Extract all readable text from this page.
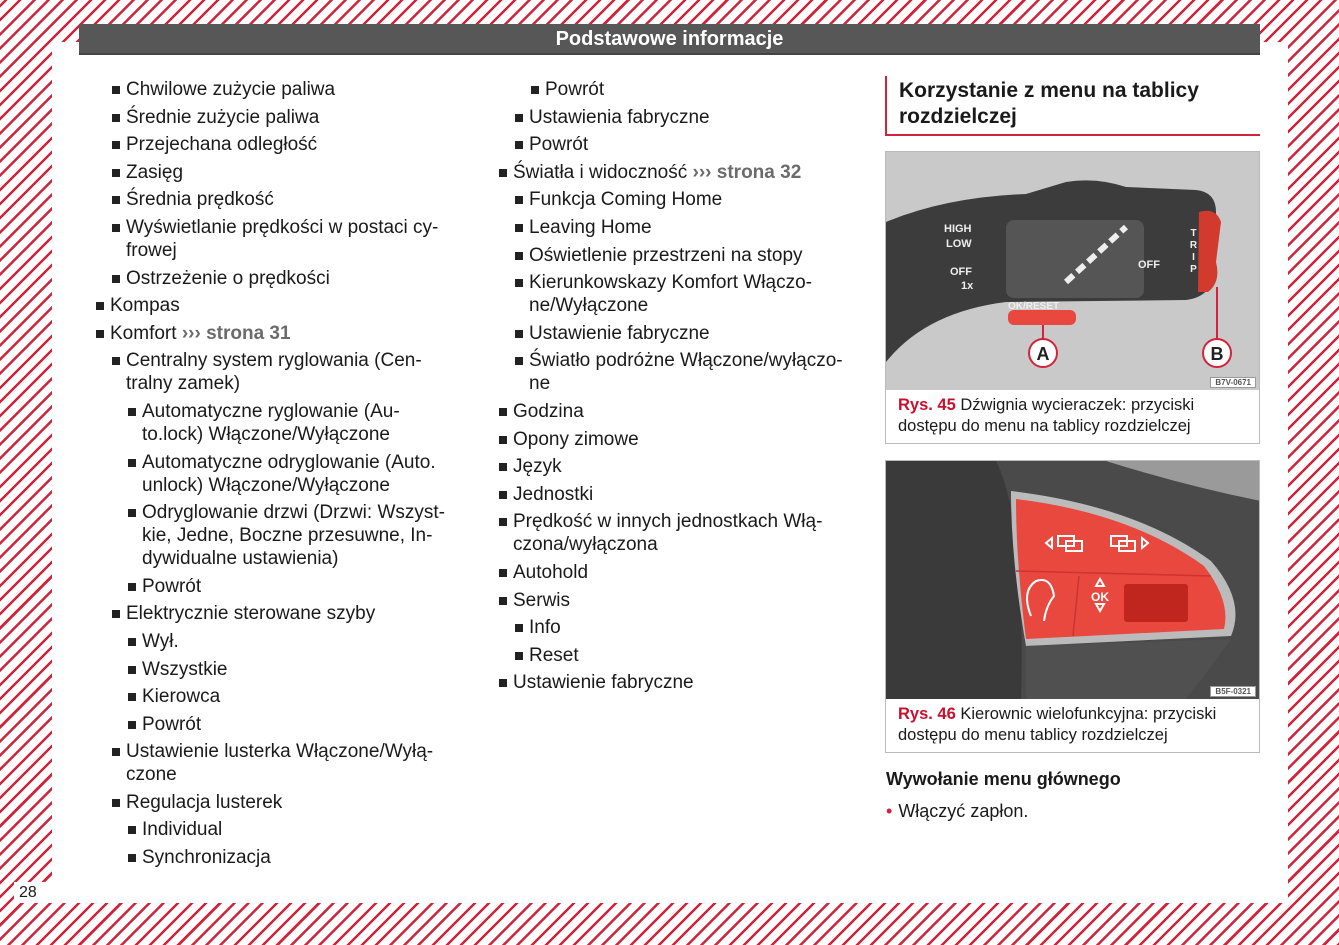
Podstawowe informacje
28
Chwilowe zużycie paliwa
Średnie zużycie paliwa
Przejechana odległość
Zasięg
Średnia prędkość
Wyświetlanie prędkości w postaci cy-
frowej
Ostrzeżenie o prędkości
Kompas
Komfort ››› strona 31
Centralny system ryglowania (Cen-
tralny zamek)
Automatyczne ryglowanie (Au-
to.lock) Włączone/Wyłączone
Automatyczne odryglowanie (Auto.
unlock) Włączone/Wyłączone
Odryglowanie drzwi (Drzwi: Wszyst-
kie, Jedne, Boczne przesuwne, In-
dywidualne ustawienia)
Powrót
Elektrycznie sterowane szyby
Wył.
Wszystkie
Kierowca
Powrót
Ustawienie lusterka Włączone/Wyłą-
czone
Regulacja lusterek
Individual
Synchronizacja
Powrót
Ustawienia fabryczne
Powrót
Światła i widoczność ››› strona 32
Funkcja Coming Home
Leaving Home
Oświetlenie przestrzeni na stopy
Kierunkowskazy Komfort Włączo-
ne/Wyłączone
Ustawienie fabryczne
Światło podróżne Włączone/wyłączo-
ne
Godzina
Opony zimowe
Język
Jednostki
Prędkość w innych jednostkach Włą-
czona/wyłączona
Autohold
Serwis
Info
Reset
Ustawienie fabryczne
Korzystanie z menu na tablicy rozdzielczej
HIGH
LOW
OFF
1x
OFF
OK/RESET
A	B
TRIP
B7V-0671
Rys. 45 Dźwignia wycieraczek: przyciski dostępu do menu na tablicy rozdzielczej
OK
B5F-0321
Rys. 46 Kierownic wielofunkcyjna: przyciski dostępu do menu tablicy rozdzielczej
Wywołanie menu głównego
• Włączyć zapłon.
